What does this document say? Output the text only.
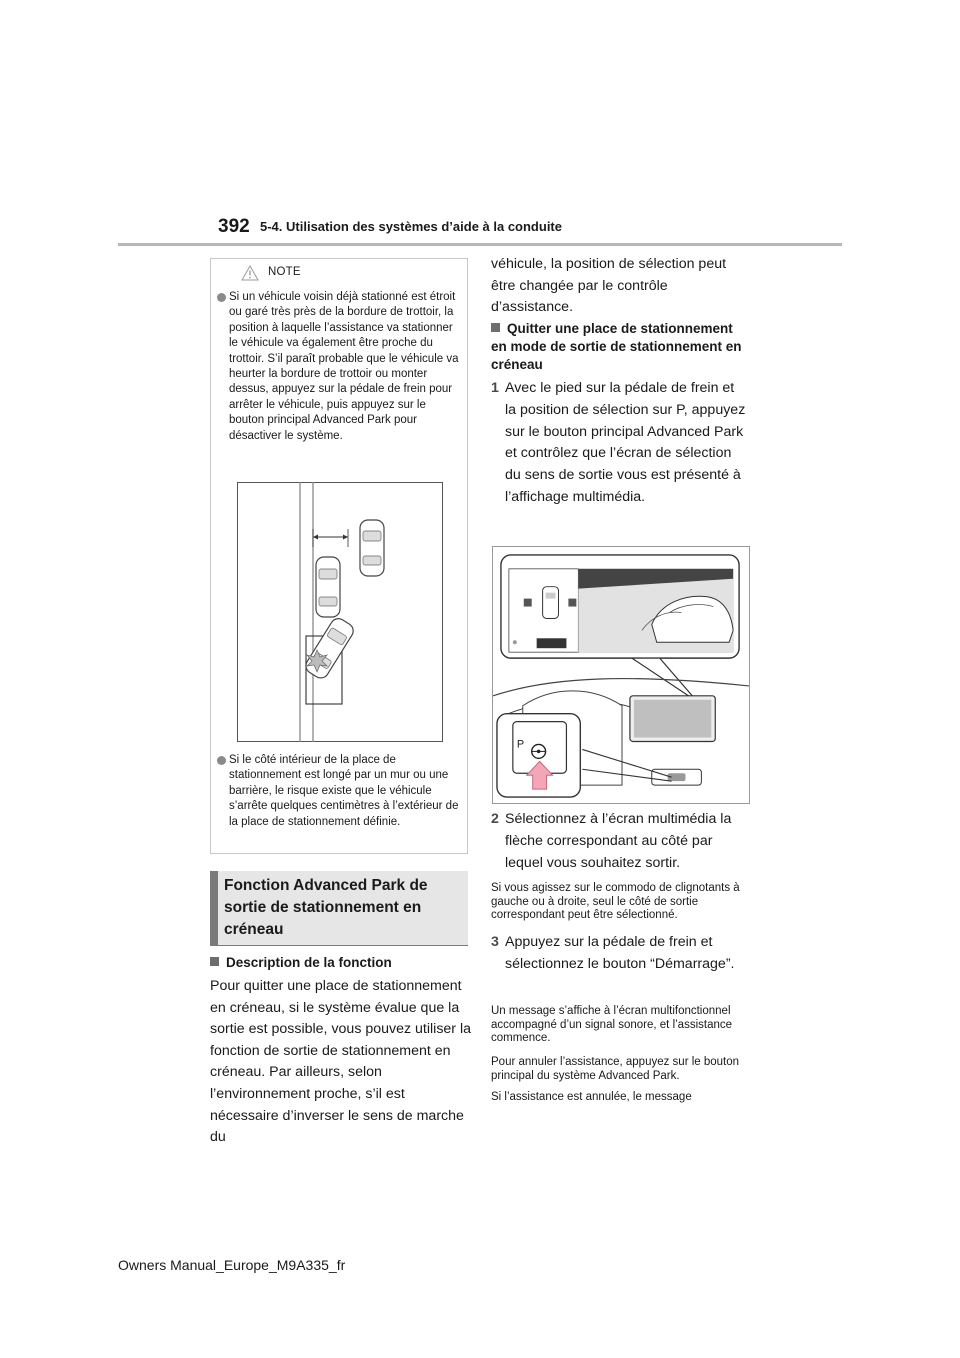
392 5-4. Utilisation des systèmes d’aide à la conduite
NOTE
Si un véhicule voisin déjà stationné est étroit ou garé très près de la bordure de trottoir, la position à laquelle l’assistance va stationner le véhicule va également être proche du trottoir. S’il paraît probable que le véhicule va heurter la bordure de trottoir ou monter dessus, appuyez sur la pédale de frein pour arrêter le véhicule, puis appuyez sur le bouton principal Advanced Park pour désactiver le système.
Si le côté intérieur de la place de stationnement est longé par un mur ou une barrière, le risque existe que le véhicule s’arrête quelques centimètres à l’extérieur de la place de stationnement définie.
Fonction Advanced Park de sortie de stationnement en créneau
Description de la fonction
Pour quitter une place de stationnement en créneau, si le système évalue que la sortie est possible, vous pouvez utiliser la fonction de sortie de stationnement en créneau. Par ailleurs, selon l’environnement proche, s’il est nécessaire d’inverser le sens de marche du
véhicule, la position de sélection peut être changée par le contrôle d’assistance.
Quitter une place de stationnement en mode de sortie de stationnement en créneau
1 Avec le pied sur la pédale de frein et la position de sélection sur P, appuyez sur le bouton principal Advanced Park et contrôlez que l’écran de sélection du sens de sortie vous est présenté à l’affichage multimédia.
P
2 Sélectionnez à l’écran multimédia la flèche correspondant au côté par lequel vous souhaitez sortir.
Si vous agissez sur le commodo de clignotants à gauche ou à droite, seul le côté de sortie correspondant peut être sélectionné.
3 Appuyez sur la pédale de frein et sélectionnez le bouton “Démarrage”.
Un message s’affiche à l’écran multifonctionnel accompagné d’un signal sonore, et l’assistance commence.
Pour annuler l’assistance, appuyez sur le bouton principal du système Advanced Park.
Si l’assistance est annulée, le message
Owners Manual_Europe_M9A335_fr
